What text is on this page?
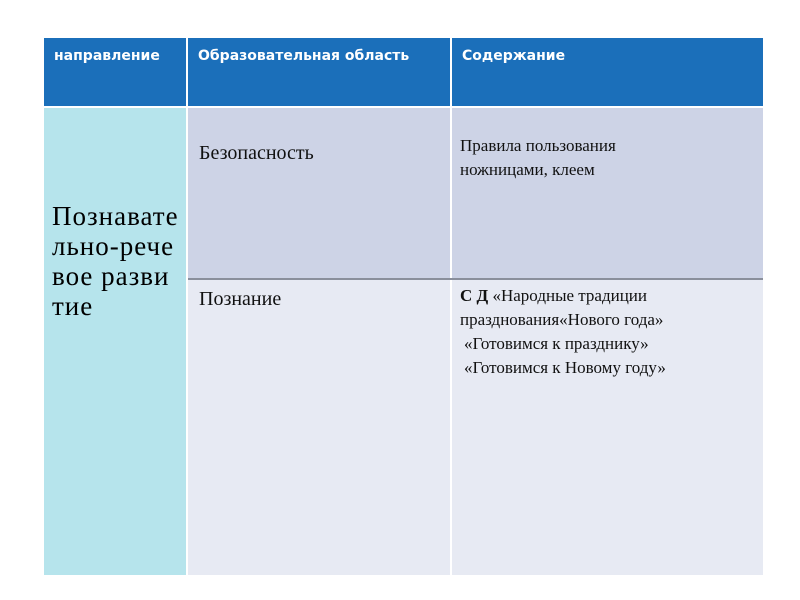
направление	Образовательная область	Содержание
Познавательно-речевое развитие
Безопасность	Правила пользования
ножницами, клеем
Познание	С Д «Народные традиции
празднования«Нового года»
«Готовимся к празднику»
«Готовимся к Новому году»
